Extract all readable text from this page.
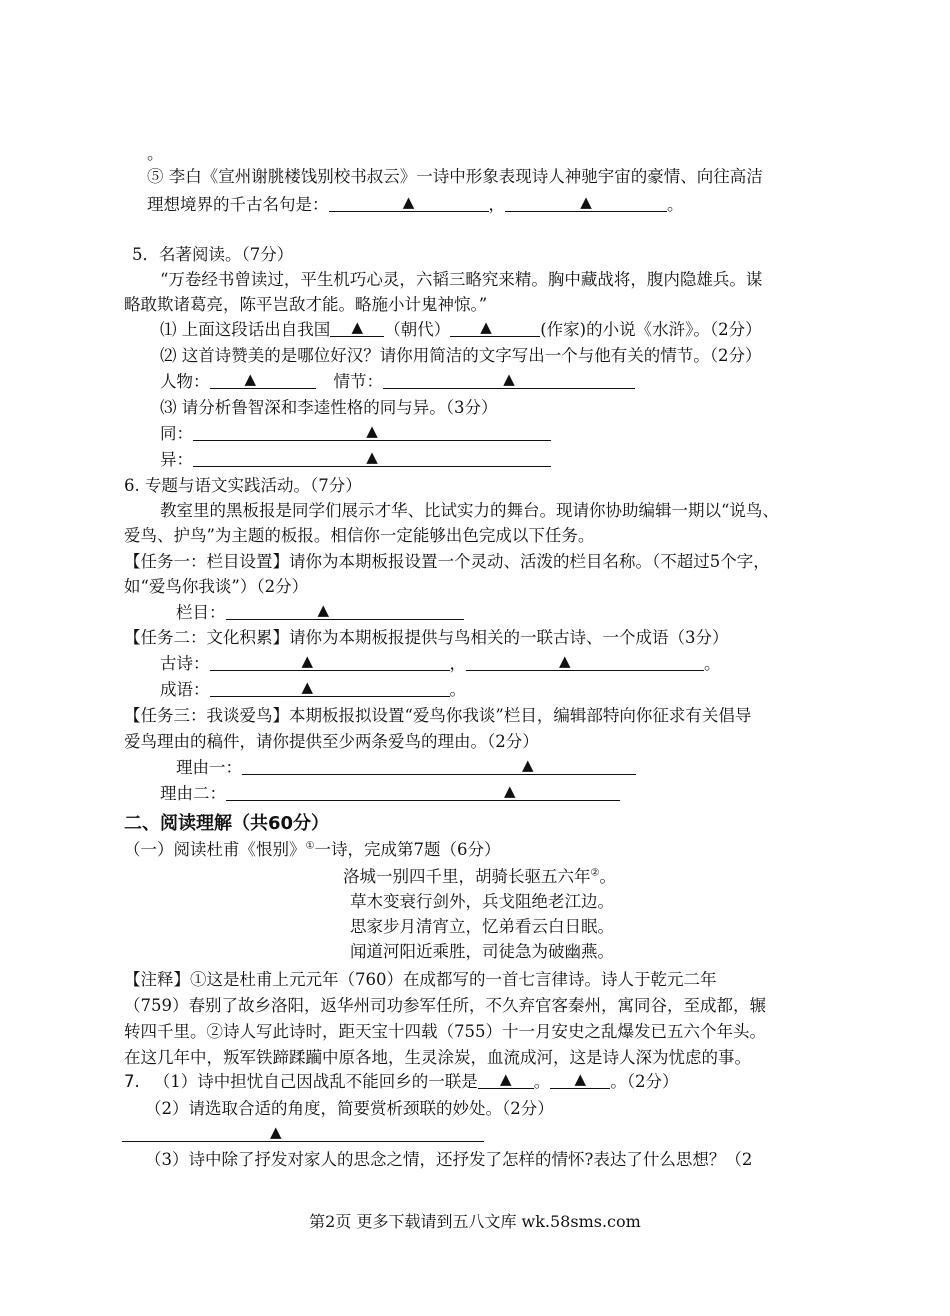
。
⑤ 李白《宣州谢朓楼饯别校书叔云》一诗中形象表现诗人神驰宇宙的豪情、向往高洁
理想境界的千古名句是：	▲	，	▲	。
5．名著阅读。（7分）
“万卷经书曾读过，平生机巧心灵，六韬三略究来精。胸中藏战将，腹内隐雄兵。谋
略敢欺诸葛亮，陈平岂敌才能。略施小计鬼神惊。”
⑴ 上面这段话出自我国	▲	（朝代） ▲	(作家)的小说《水浒》。（2分）
⑵ 这首诗赞美的是哪位好汉？请你用简洁的文字写出一个与他有关的情节。（2分）
人物： ▲	情节：	▲
⑶ 请分析鲁智深和李逵性格的同与异。（3分）
同：	▲
异：	▲
6. 专题与语文实践活动。（7分）
教室里的黑板报是同学们展示才华、比试实力的舞台。现请你协助编辑一期以“说鸟、
爱鸟、护鸟”为主题的板报。相信你一定能够出色完成以下任务。
【任务一：栏目设置】请你为本期板报设置一个灵动、活泼的栏目名称。（不超过5个字，
如“爱鸟你我谈”）（2分）
栏目：	▲
【任务二：文化积累】请你为本期板报提供与鸟相关的一联古诗、一个成语（3分）
古诗：	▲	，	▲	。
成语：	▲	。
【任务三：我谈爱鸟】本期板报拟设置“爱鸟你我谈”栏目，编辑部特向你征求有关倡导
爱鸟理由的稿件，请你提供至少两条爱鸟的理由。（2分）
理由一：	▲
理由二：	▲
二、阅读理解（共60分）
（一）阅读杜甫《恨别》①一诗，完成第7题（6分）
洛城一别四千里，胡骑长驱五六年②。
草木变衰行剑外，兵戈阻绝老江边。
思家步月清宵立，忆弟看云白日眠。
闻道河阳近乘胜，司徒急为破幽燕。
【注释】①这是杜甫上元元年（760）在成都写的一首七言律诗。诗人于乾元二年
（759）春别了故乡洛阳，返华州司功参军任所，不久弃官客秦州，寓同谷，至成都，辗
转四千里。②诗人写此诗时，距天宝十四载（755）十一月安史之乱爆发已五六个年头。
在这几年中，叛军铁蹄蹂躏中原各地，生灵涂炭，血流成河，这是诗人深为忧虑的事。
7. （1）诗中担忧自己因战乱不能回乡的一联是	▲	。	▲	。（2分）
（2）请选取合适的角度，简要赏析颈联的妙处。（2分）
▲
（3）诗中除了抒发对家人的思念之情，还抒发了怎样的情怀?表达了什么思想？（2
第2页 更多下载请到五八文库 wk.58sms.com
